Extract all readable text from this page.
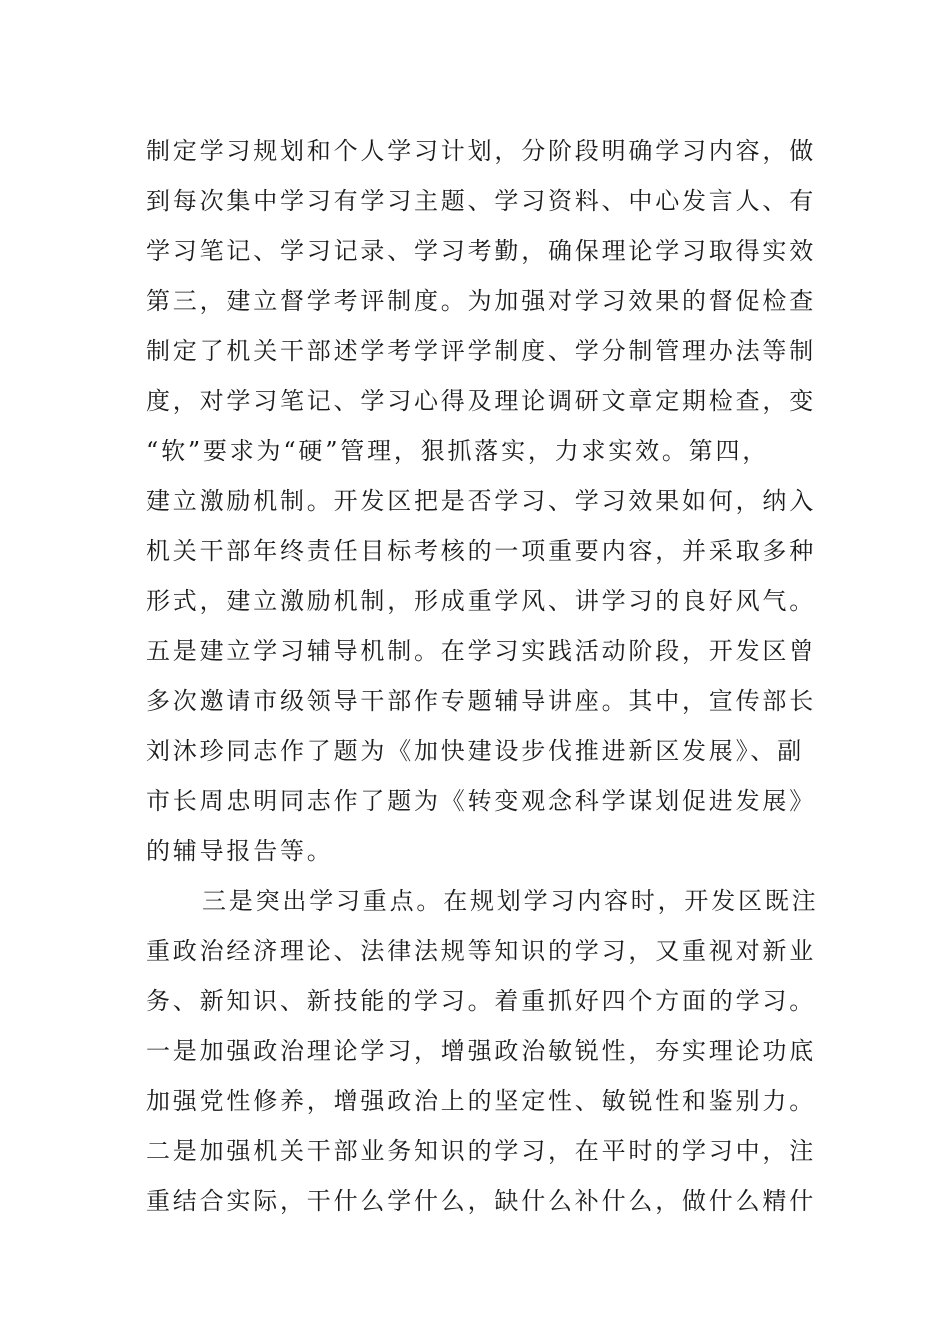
制定学习规划和个人学习计划，分阶段明确学习内容，做
到每次集中学习有学习主题、学习资料、中心发言人、有
学习笔记、学习记录、学习考勤，确保理论学习取得实效
第三，建立督学考评制度。为加强对学习效果的督促检查
制定了机关干部述学考学评学制度、学分制管理办法等制
度，对学习笔记、学习心得及理论调研文章定期检查，变
“软”要求为“硬”管理，狠抓落实，力求实效。第四，
建立激励机制。开发区把是否学习、学习效果如何，纳入
机关干部年终责任目标考核的一项重要内容，并采取多种
形式，建立激励机制，形成重学风、讲学习的良好风气。
五是建立学习辅导机制。在学习实践活动阶段，开发区曾
多次邀请市级领导干部作专题辅导讲座。其中，宣传部长
刘沐珍同志作了题为《加快建设步伐推进新区发展》、副
市长周忠明同志作了题为《转变观念科学谋划促进发展》
的辅导报告等。
三是突出学习重点。在规划学习内容时，开发区既注
重政治经济理论、法律法规等知识的学习，又重视对新业
务、新知识、新技能的学习。着重抓好四个方面的学习。
一是加强政治理论学习，增强政治敏锐性，夯实理论功底
加强党性修养，增强政治上的坚定性、敏锐性和鉴别力。
二是加强机关干部业务知识的学习，在平时的学习中，注
重结合实际，干什么学什么，缺什么补什么，做什么精什
